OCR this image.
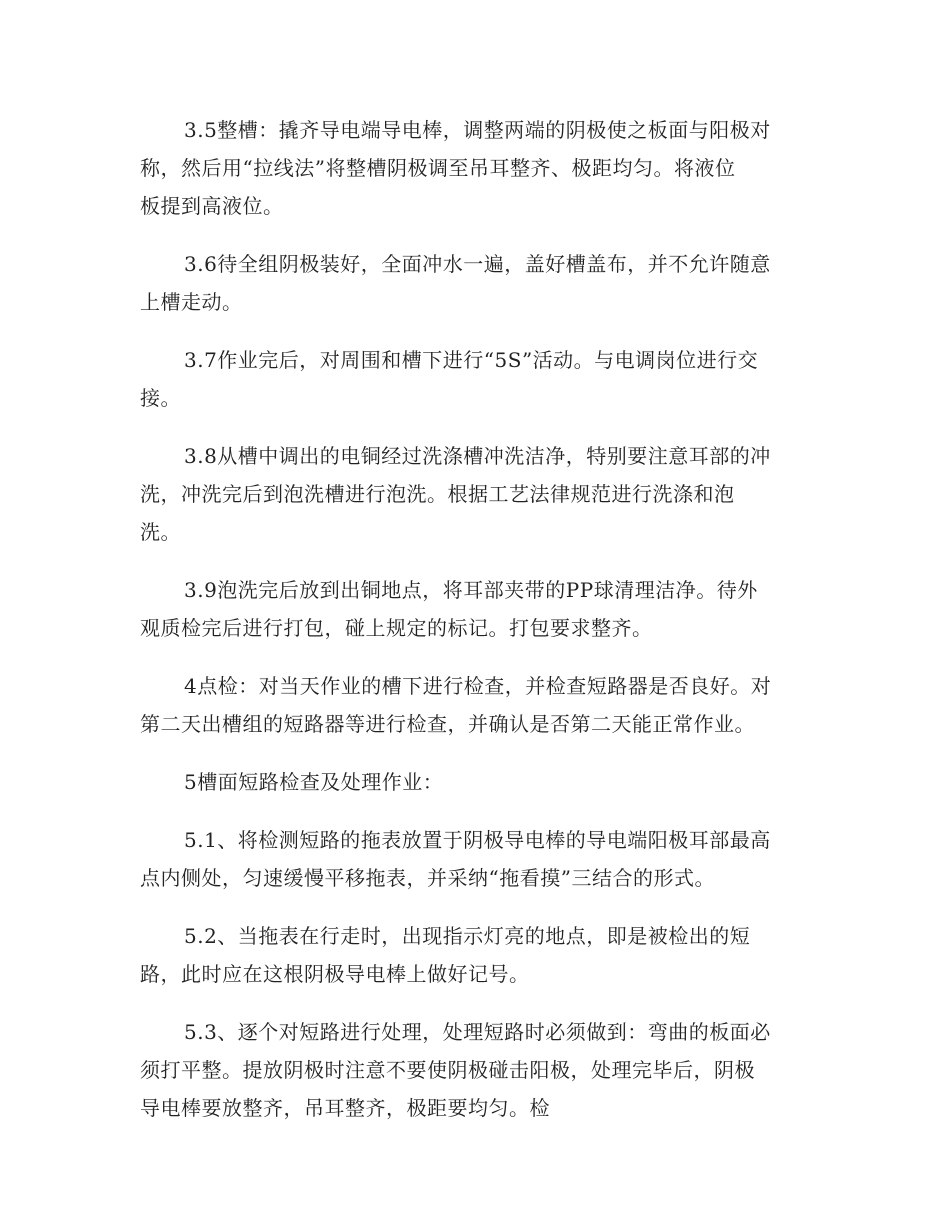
3.5整槽：撬齐导电端导电棒，调整两端的阴极使之板面与阳极对
称，然后用“拉线法”将整槽阴极调至吊耳整齐、极距均匀。将液位
板提到高液位。
3.6待全组阴极装好，全面冲水一遍，盖好槽盖布，并不允许随意
上槽走动。
3.7作业完后，对周围和槽下进行“5S”活动。与电调岗位进行交
接。
3.8从槽中调出的电铜经过洗涤槽冲洗洁净，特别要注意耳部的冲
洗，冲洗完后到泡洗槽进行泡洗。根据工艺法律规范进行洗涤和泡
洗。
3.9泡洗完后放到出铜地点，将耳部夹带的PP球清理洁净。待外
观质检完后进行打包，碰上规定的标记。打包要求整齐。
4点检：对当天作业的槽下进行检查，并检查短路器是否良好。对
第二天出槽组的短路器等进行检查，并确认是否第二天能正常作业。
5槽面短路检查及处理作业：
5.1、将检测短路的拖表放置于阴极导电棒的导电端阳极耳部最高
点内侧处，匀速缓慢平移拖表，并采纳“拖看摸”三结合的形式。
5.2、当拖表在行走时，出现指示灯亮的地点，即是被检出的短
路，此时应在这根阴极导电棒上做好记号。
5.3、逐个对短路进行处理，处理短路时必须做到：弯曲的板面必
须打平整。提放阴极时注意不要使阴极碰击阳极，处理完毕后，阴极
导电棒要放整齐，吊耳整齐，极距要均匀。检
